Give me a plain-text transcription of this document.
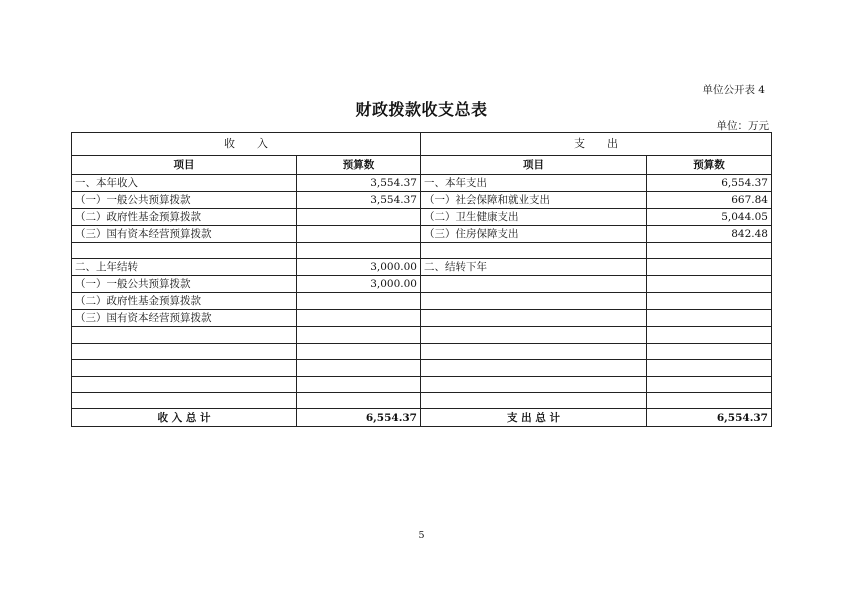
单位公开表 4
财政拨款收支总表
单位：万元
收　　入		支　　出	
项目	预算数	项目	预算数
一、本年收入	3,554.37	一、本年支出	6,554.37
（一）一般公共预算拨款	3,554.37	（一）社会保障和就业支出	667.84
（二）政府性基金预算拨款		（二）卫生健康支出	5,044.05
（三）国有资本经营预算拨款		（三）住房保障支出	842.48

二、上年结转	3,000.00	二、结转下年	
（一）一般公共预算拨款	3,000.00		
（二）政府性基金预算拨款			
（三）国有资本经营预算拨款			

收 入 总 计	6,554.37	支 出 总 计	6,554.37
5
